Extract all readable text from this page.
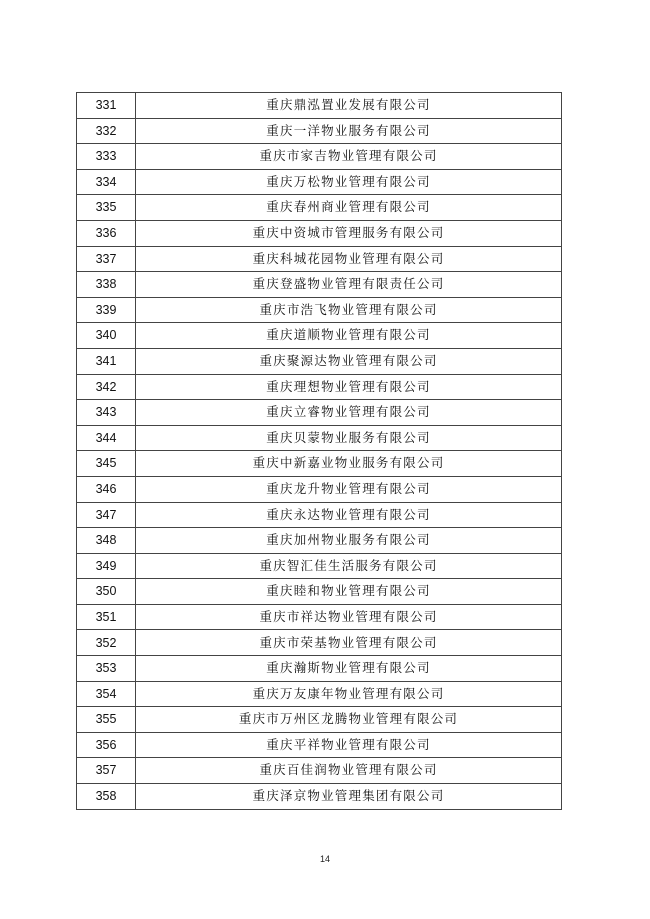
331	重庆鼎泓置业发展有限公司
332	重庆一洋物业服务有限公司
333	重庆市家吉物业管理有限公司
334	重庆万松物业管理有限公司
335	重庆春州商业管理有限公司
336	重庆中资城市管理服务有限公司
337	重庆科城花园物业管理有限公司
338	重庆登盛物业管理有限责任公司
339	重庆市浩飞物业管理有限公司
340	重庆道顺物业管理有限公司
341	重庆聚源达物业管理有限公司
342	重庆理想物业管理有限公司
343	重庆立睿物业管理有限公司
344	重庆贝蒙物业服务有限公司
345	重庆中新嘉业物业服务有限公司
346	重庆龙升物业管理有限公司
347	重庆永达物业管理有限公司
348	重庆加州物业服务有限公司
349	重庆智汇佳生活服务有限公司
350	重庆睦和物业管理有限公司
351	重庆市祥达物业管理有限公司
352	重庆市荣基物业管理有限公司
353	重庆瀚斯物业管理有限公司
354	重庆万友康年物业管理有限公司
355	重庆市万州区龙腾物业管理有限公司
356	重庆平祥物业管理有限公司
357	重庆百佳润物业管理有限公司
358	重庆泽京物业管理集团有限公司
14
